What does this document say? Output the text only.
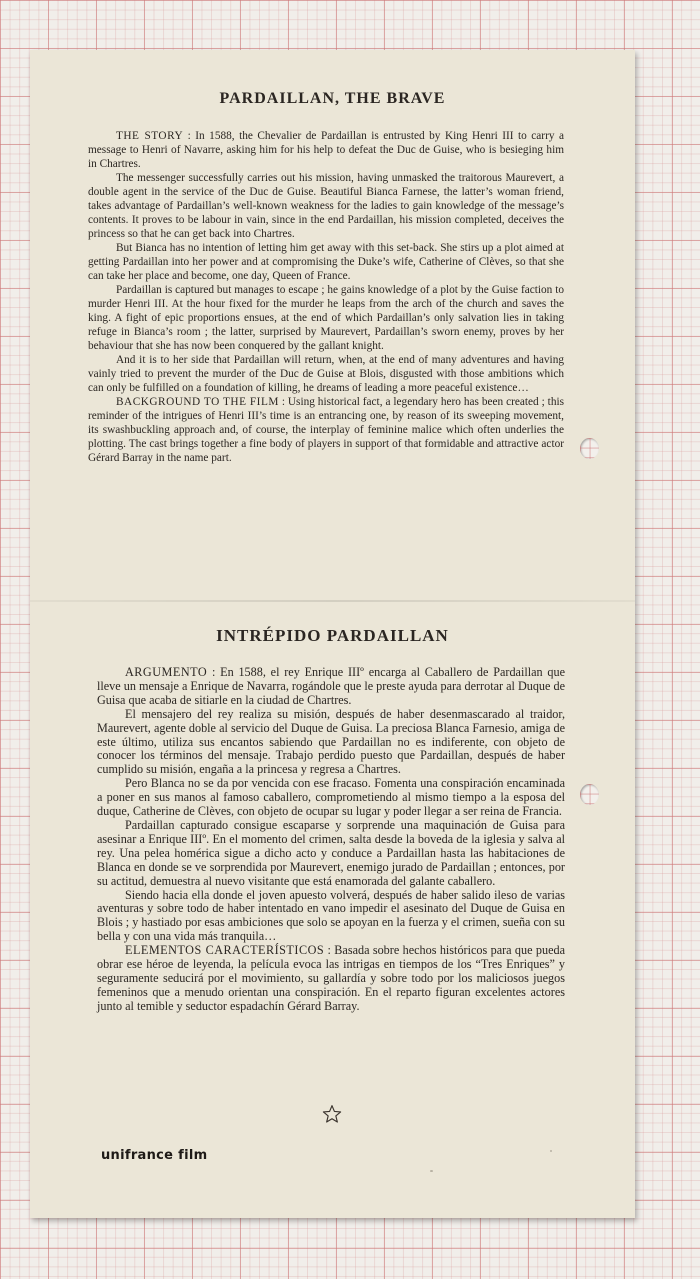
PARDAILLAN, THE BRAVE

THE STORY : In 1588, the Chevalier de Pardaillan is entrusted by King Henri III to carry a message to Henri of Navarre, asking him for his help to defeat the Duc de Guise, who is besieging him in Chartres.

The messenger successfully carries out his mission, having unmasked the traitorous Maurevert, a double agent in the service of the Duc de Guise. Beautiful Bianca Farnese, the latter’s woman friend, takes advantage of Pardaillan’s well-known weakness for the ladies to gain knowledge of the message’s contents. It proves to be labour in vain, since in the end Pardaillan, his mission completed, deceives the princess so that he can get back into Chartres.

But Bianca has no intention of letting him get away with this set-back. She stirs up a plot aimed at getting Pardaillan into her power and at compromising the Duke’s wife, Catherine of Clèves, so that she can take her place and become, one day, Queen of France.

Pardaillan is captured but manages to escape ; he gains knowledge of a plot by the Guise faction to murder Henri III. At the hour fixed for the murder he leaps from the arch of the church and saves the king. A fight of epic proportions ensues, at the end of which Pardaillan’s only salvation lies in taking refuge in Bianca’s room ; the latter, surprised by Maurevert, Pardaillan’s sworn enemy, proves by her behaviour that she has now been conquered by the gallant knight.

And it is to her side that Pardaillan will return, when, at the end of many adventures and having vainly tried to prevent the murder of the Duc de Guise at Blois, disgusted with those ambitions which can only be fulfilled on a foundation of killing, he dreams of leading a more peaceful existence…

BACKGROUND TO THE FILM : Using historical fact, a legendary hero has been created ; this reminder of the intrigues of Henri III’s time is an entrancing one, by reason of its sweeping movement, its swashbuckling approach and, of course, the interplay of feminine malice which often underlies the plotting. The cast brings together a fine body of players in support of that formidable and attractive actor Gérard Barray in the name part.

INTRÉPIDO PARDAILLAN

ARGUMENTO : En 1588, el rey Enrique IIIº encarga al Caballero de Pardaillan que lleve un mensaje a Enrique de Navarra, rogándole que le preste ayuda para derrotar al Duque de Guisa que acaba de sitiarle en la ciudad de Chartres.

El mensajero del rey realiza su misión, después de haber desenmascarado al traidor, Maurevert, agente doble al servicio del Duque de Guisa. La preciosa Blanca Farnesio, amiga de este último, utiliza sus encantos sabiendo que Pardaillan no es indiferente, con objeto de conocer los términos del mensaje. Trabajo perdido puesto que Pardaillan, después de haber cumplido su misión, engaña a la princesa y regresa a Chartres.

Pero Blanca no se da por vencida con ese fracaso. Fomenta una conspiración encaminada a poner en sus manos al famoso caballero, comprometiendo al mismo tiempo a la esposa del duque, Catherine de Clèves, con objeto de ocupar su lugar y poder llegar a ser reina de Francia.

Pardaillan capturado consigue escaparse y sorprende una maquinación de Guisa para asesinar a Enrique IIIº. En el momento del crimen, salta desde la boveda de la iglesia y salva al rey. Una pelea homérica sigue a dicho acto y conduce a Pardaillan hasta las habitaciones de Blanca en donde se ve sorprendida por Maurevert, enemigo jurado de Pardaillan ; entonces, por su actitud, demuestra al nuevo visitante que está enamorada del galante caballero.

Siendo hacia ella donde el joven apuesto volverá, después de haber salido ileso de varias aventuras y sobre todo de haber intentado en vano impedir el asesinato del Duque de Guisa en Blois ; y hastiado por esas ambiciones que solo se apoyan en la fuerza y el crimen, sueña con su bella y con una vida más tranquila…

ELEMENTOS CARACTERÍSTICOS : Basada sobre hechos históricos para que pueda obrar ese héroe de leyenda, la película evoca las intrigas en tiempos de los “Tres Enriques” y seguramente seducirá por el movimiento, su gallardía y sobre todo por los maliciosos juegos femeninos que a menudo orientan una conspiración. En el reparto figuran excelentes actores junto al temible y seductor espadachín Gérard Barray.

unifrance film
